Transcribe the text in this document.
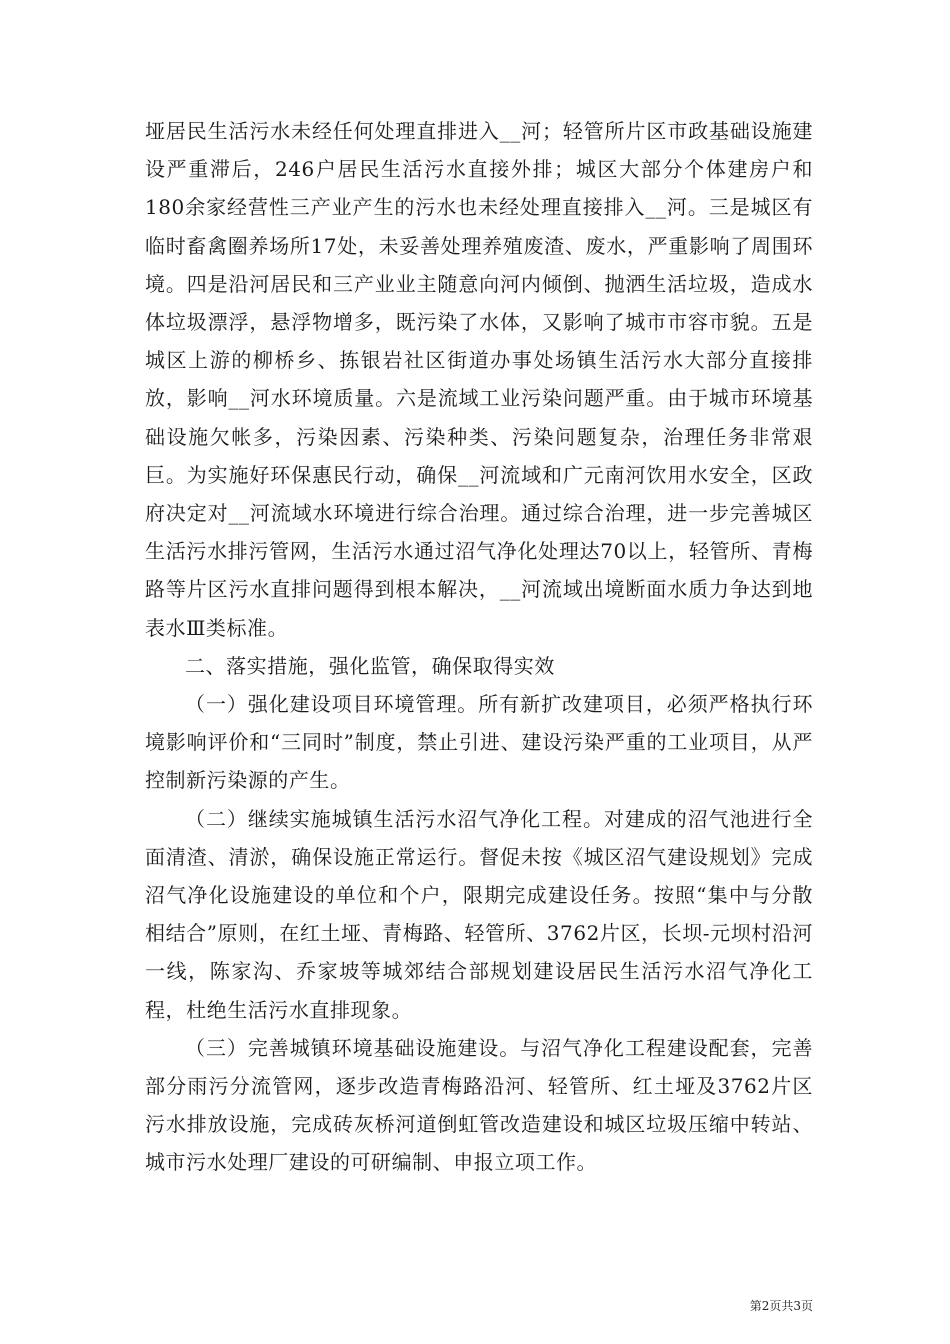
垭居民生活污水未经任何处理直排进入__河；轻管所片区市政基础设施建设严重滞后，246户居民生活污水直接外排；城区大部分个体建房户和180余家经营性三产业产生的污水也未经处理直接排入__河。三是城区有临时畜禽圈养场所17处，未妥善处理养殖废渣、废水，严重影响了周围环境。四是沿河居民和三产业业主随意向河内倾倒、抛洒生活垃圾，造成水体垃圾漂浮，悬浮物增多，既污染了水体，又影响了城市市容市貌。五是城区上游的柳桥乡、拣银岩社区街道办事处场镇生活污水大部分直接排放，影响__河水环境质量。六是流域工业污染问题严重。由于城市环境基础设施欠帐多，污染因素、污染种类、污染问题复杂，治理任务非常艰巨。为实施好环保惠民行动，确保__河流域和广元南河饮用水安全，区政府决定对__河流域水环境进行综合治理。通过综合治理，进一步完善城区生活污水排污管网，生活污水通过沼气净化处理达70以上，轻管所、青梅路等片区污水直排问题得到根本解决，__河流域出境断面水质力争达到地表水Ⅲ类标准。

二、落实措施，强化监管，确保取得实效

（一）强化建设项目环境管理。所有新扩改建项目，必须严格执行环境影响评价和“三同时”制度，禁止引进、建设污染严重的工业项目，从严控制新污染源的产生。

（二）继续实施城镇生活污水沼气净化工程。对建成的沼气池进行全面清渣、清淤，确保设施正常运行。督促未按《城区沼气建设规划》完成沼气净化设施建设的单位和个户，限期完成建设任务。按照“集中与分散相结合”原则，在红土垭、青梅路、轻管所、3762片区，长坝-元坝村沿河一线，陈家沟、乔家坡等城郊结合部规划建设居民生活污水沼气净化工程，杜绝生活污水直排现象。

（三）完善城镇环境基础设施建设。与沼气净化工程建设配套，完善部分雨污分流管网，逐步改造青梅路沿河、轻管所、红土垭及3762片区污水排放设施，完成砖灰桥河道倒虹管改造建设和城区垃圾压缩中转站、城市污水处理厂建设的可研编制、申报立项工作。

第2页共3页
